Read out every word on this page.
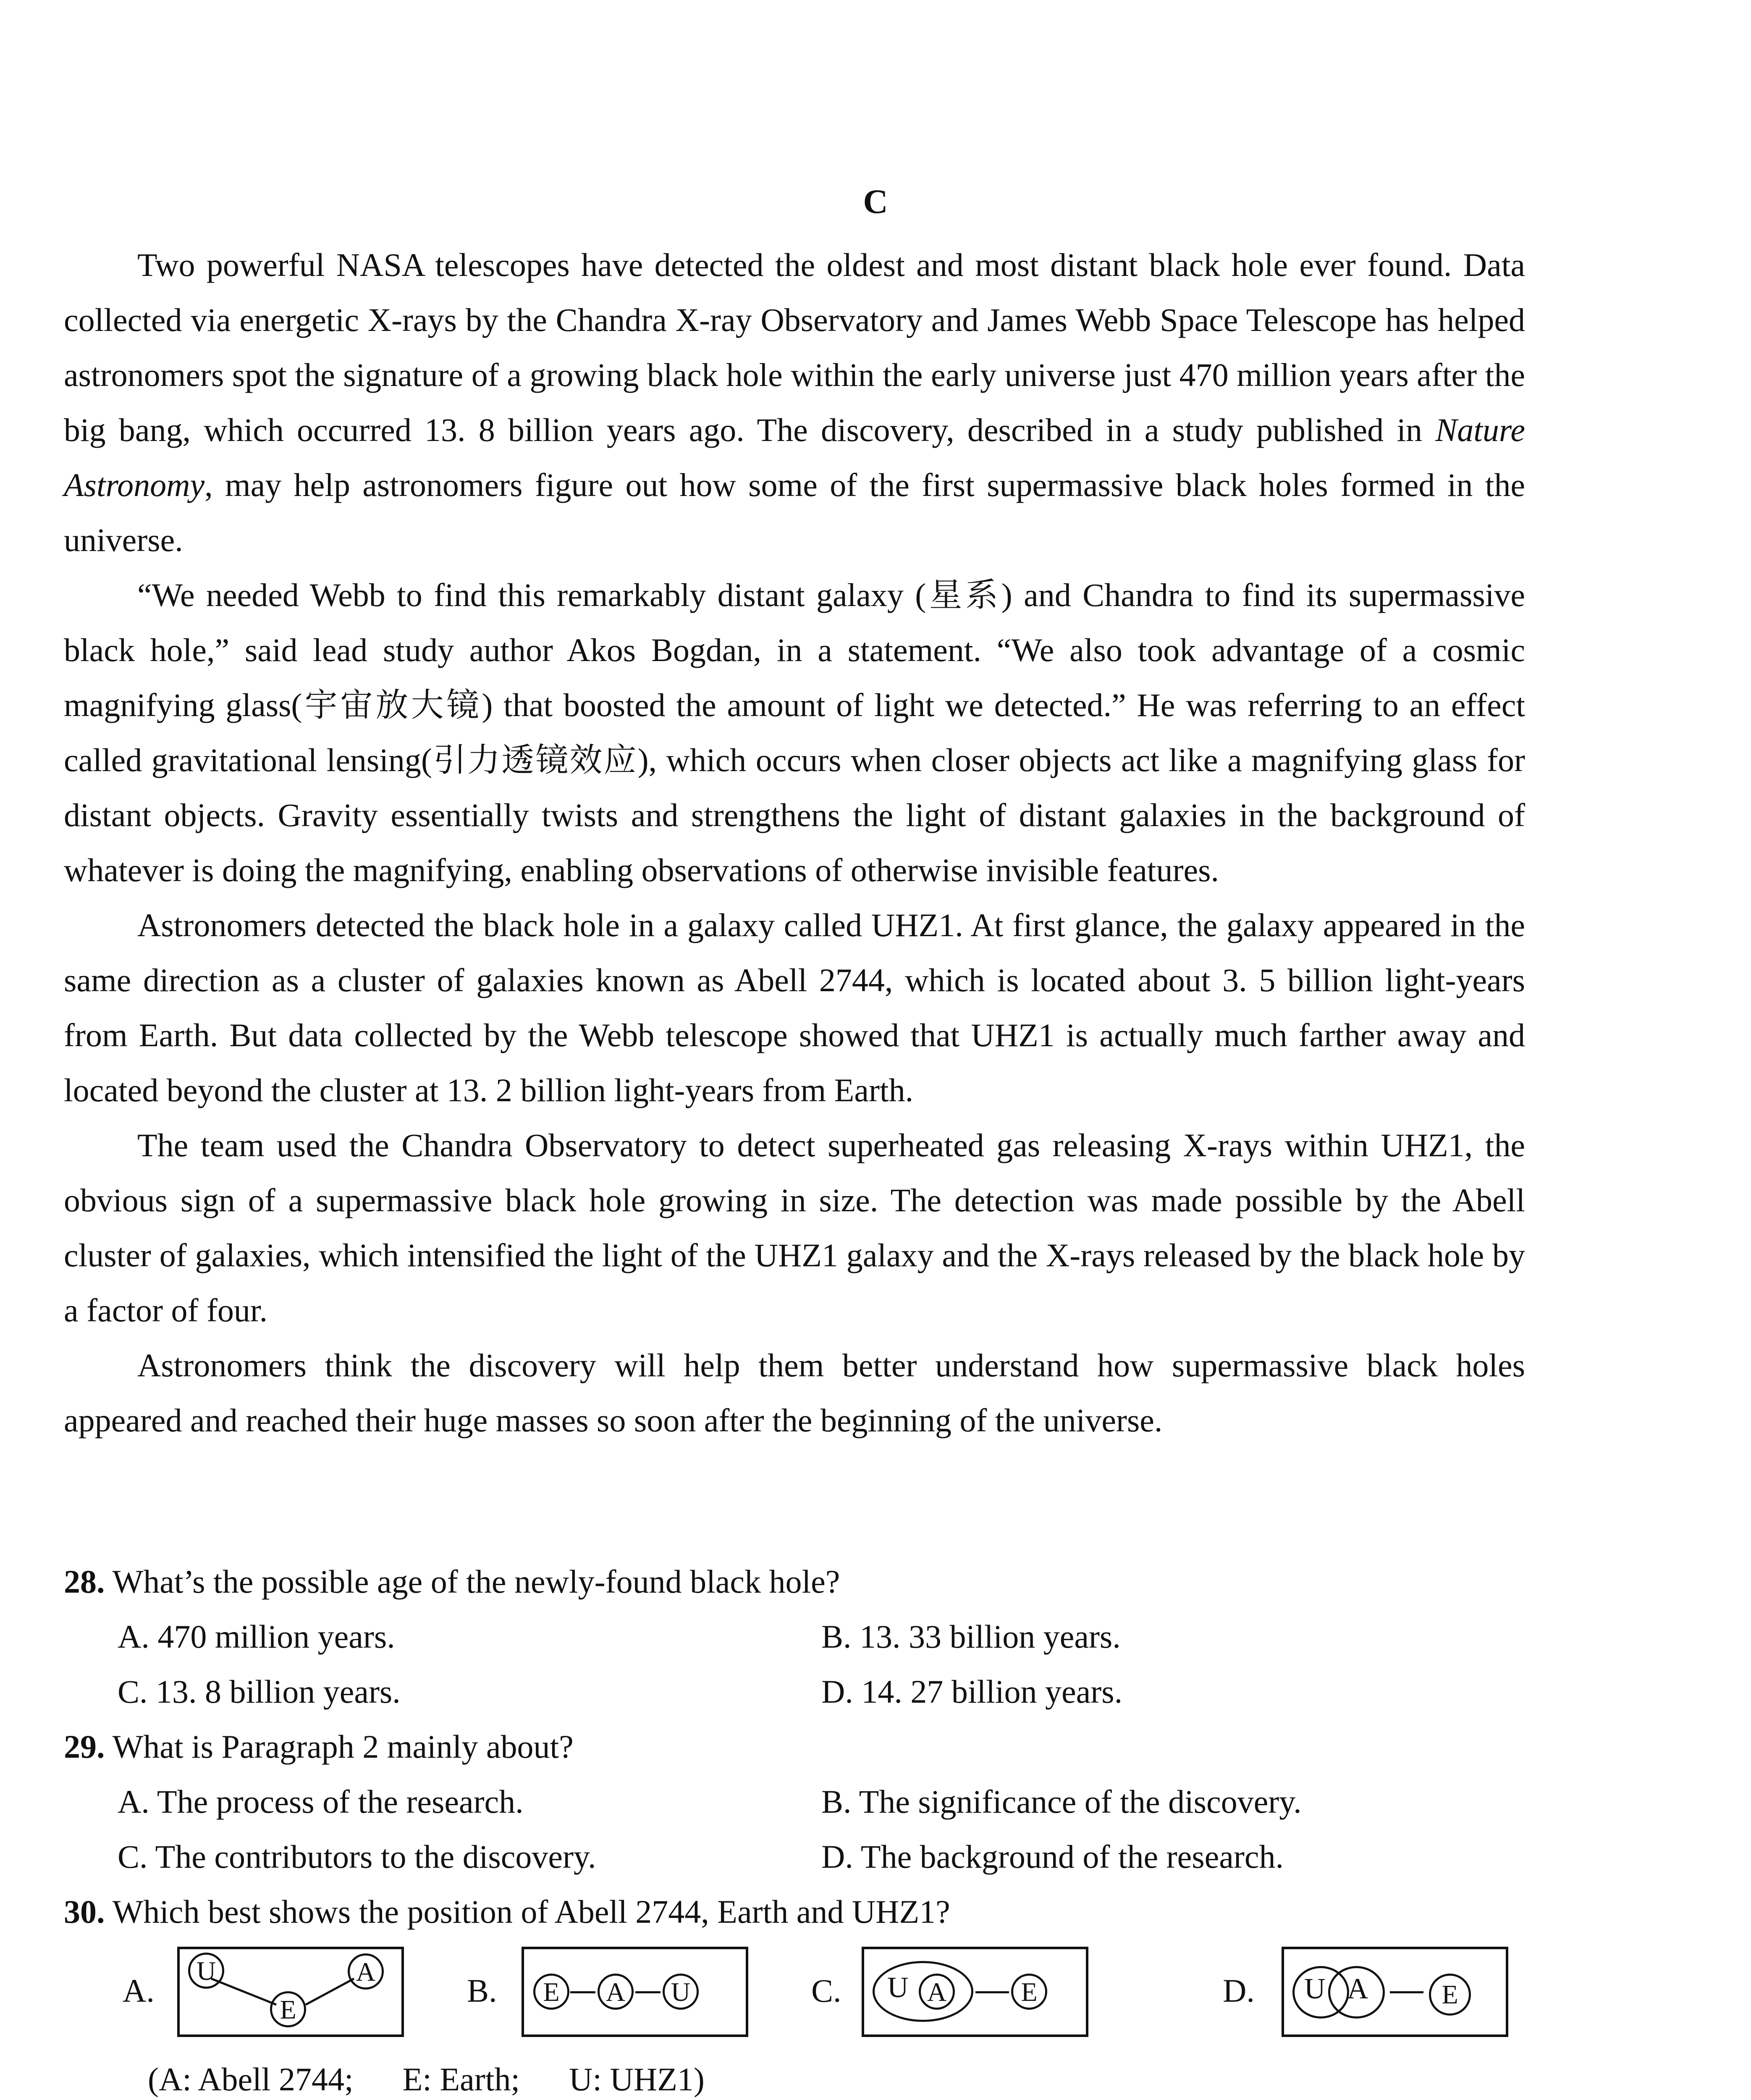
C

Two powerful NASA telescopes have detected the oldest and most distant black hole ever found. Data collected via energetic X-rays by the Chandra X-ray Observatory and James Webb Space Telescope has helped astronomers spot the signature of a growing black hole within the early universe just 470 million years after the big bang, which occurred 13. 8 billion years ago. The discovery, described in a study published in Nature Astronomy, may help astronomers figure out how some of the first supermassive black holes formed in the universe.

“We needed Webb to find this remarkably distant galaxy (星系) and Chandra to find its supermassive black hole,” said lead study author Akos Bogdan, in a statement. “We also took advantage of a cosmic magnifying glass(宇宙放大镜) that boosted the amount of light we detected.” He was referring to an effect called gravitational lensing(引力透镜效应), which occurs when closer objects act like a magnifying glass for distant objects. Gravity essentially twists and strengthens the light of distant galaxies in the background of whatever is doing the magnifying, enabling observations of otherwise invisible features.

Astronomers detected the black hole in a galaxy called UHZ1. At first glance, the galaxy appeared in the same direction as a cluster of galaxies known as Abell 2744, which is located about 3. 5 billion light-years from Earth. But data collected by the Webb telescope showed that UHZ1 is actually much farther away and located beyond the cluster at 13. 2 billion light-years from Earth.

The team used the Chandra Observatory to detect superheated gas releasing X-rays within UHZ1, the obvious sign of a supermassive black hole growing in size. The detection was made possible by the Abell cluster of galaxies, which intensified the light of the UHZ1 galaxy and the X-rays released by the black hole by a factor of four.

Astronomers think the discovery will help them better understand how supermassive black holes appeared and reached their huge masses so soon after the beginning of the universe.

28. What’s the possible age of the newly-found black hole?

A. 470 million years.	B. 13. 33 billion years.
C. 13. 8 billion years.	D. 14. 27 billion years.

29. What is Paragraph 2 mainly about?

A. The process of the research.	B. The significance of the discovery.
C. The contributors to the discovery.	D. The background of the research.

30. Which best shows the position of Abell 2744, Earth and UHZ1?

A.
U
E
A
B.	E	A	U	C. U A	E	D. U A	E
(A: Abell 2744;      E: Earth;      U: UHZ1)
